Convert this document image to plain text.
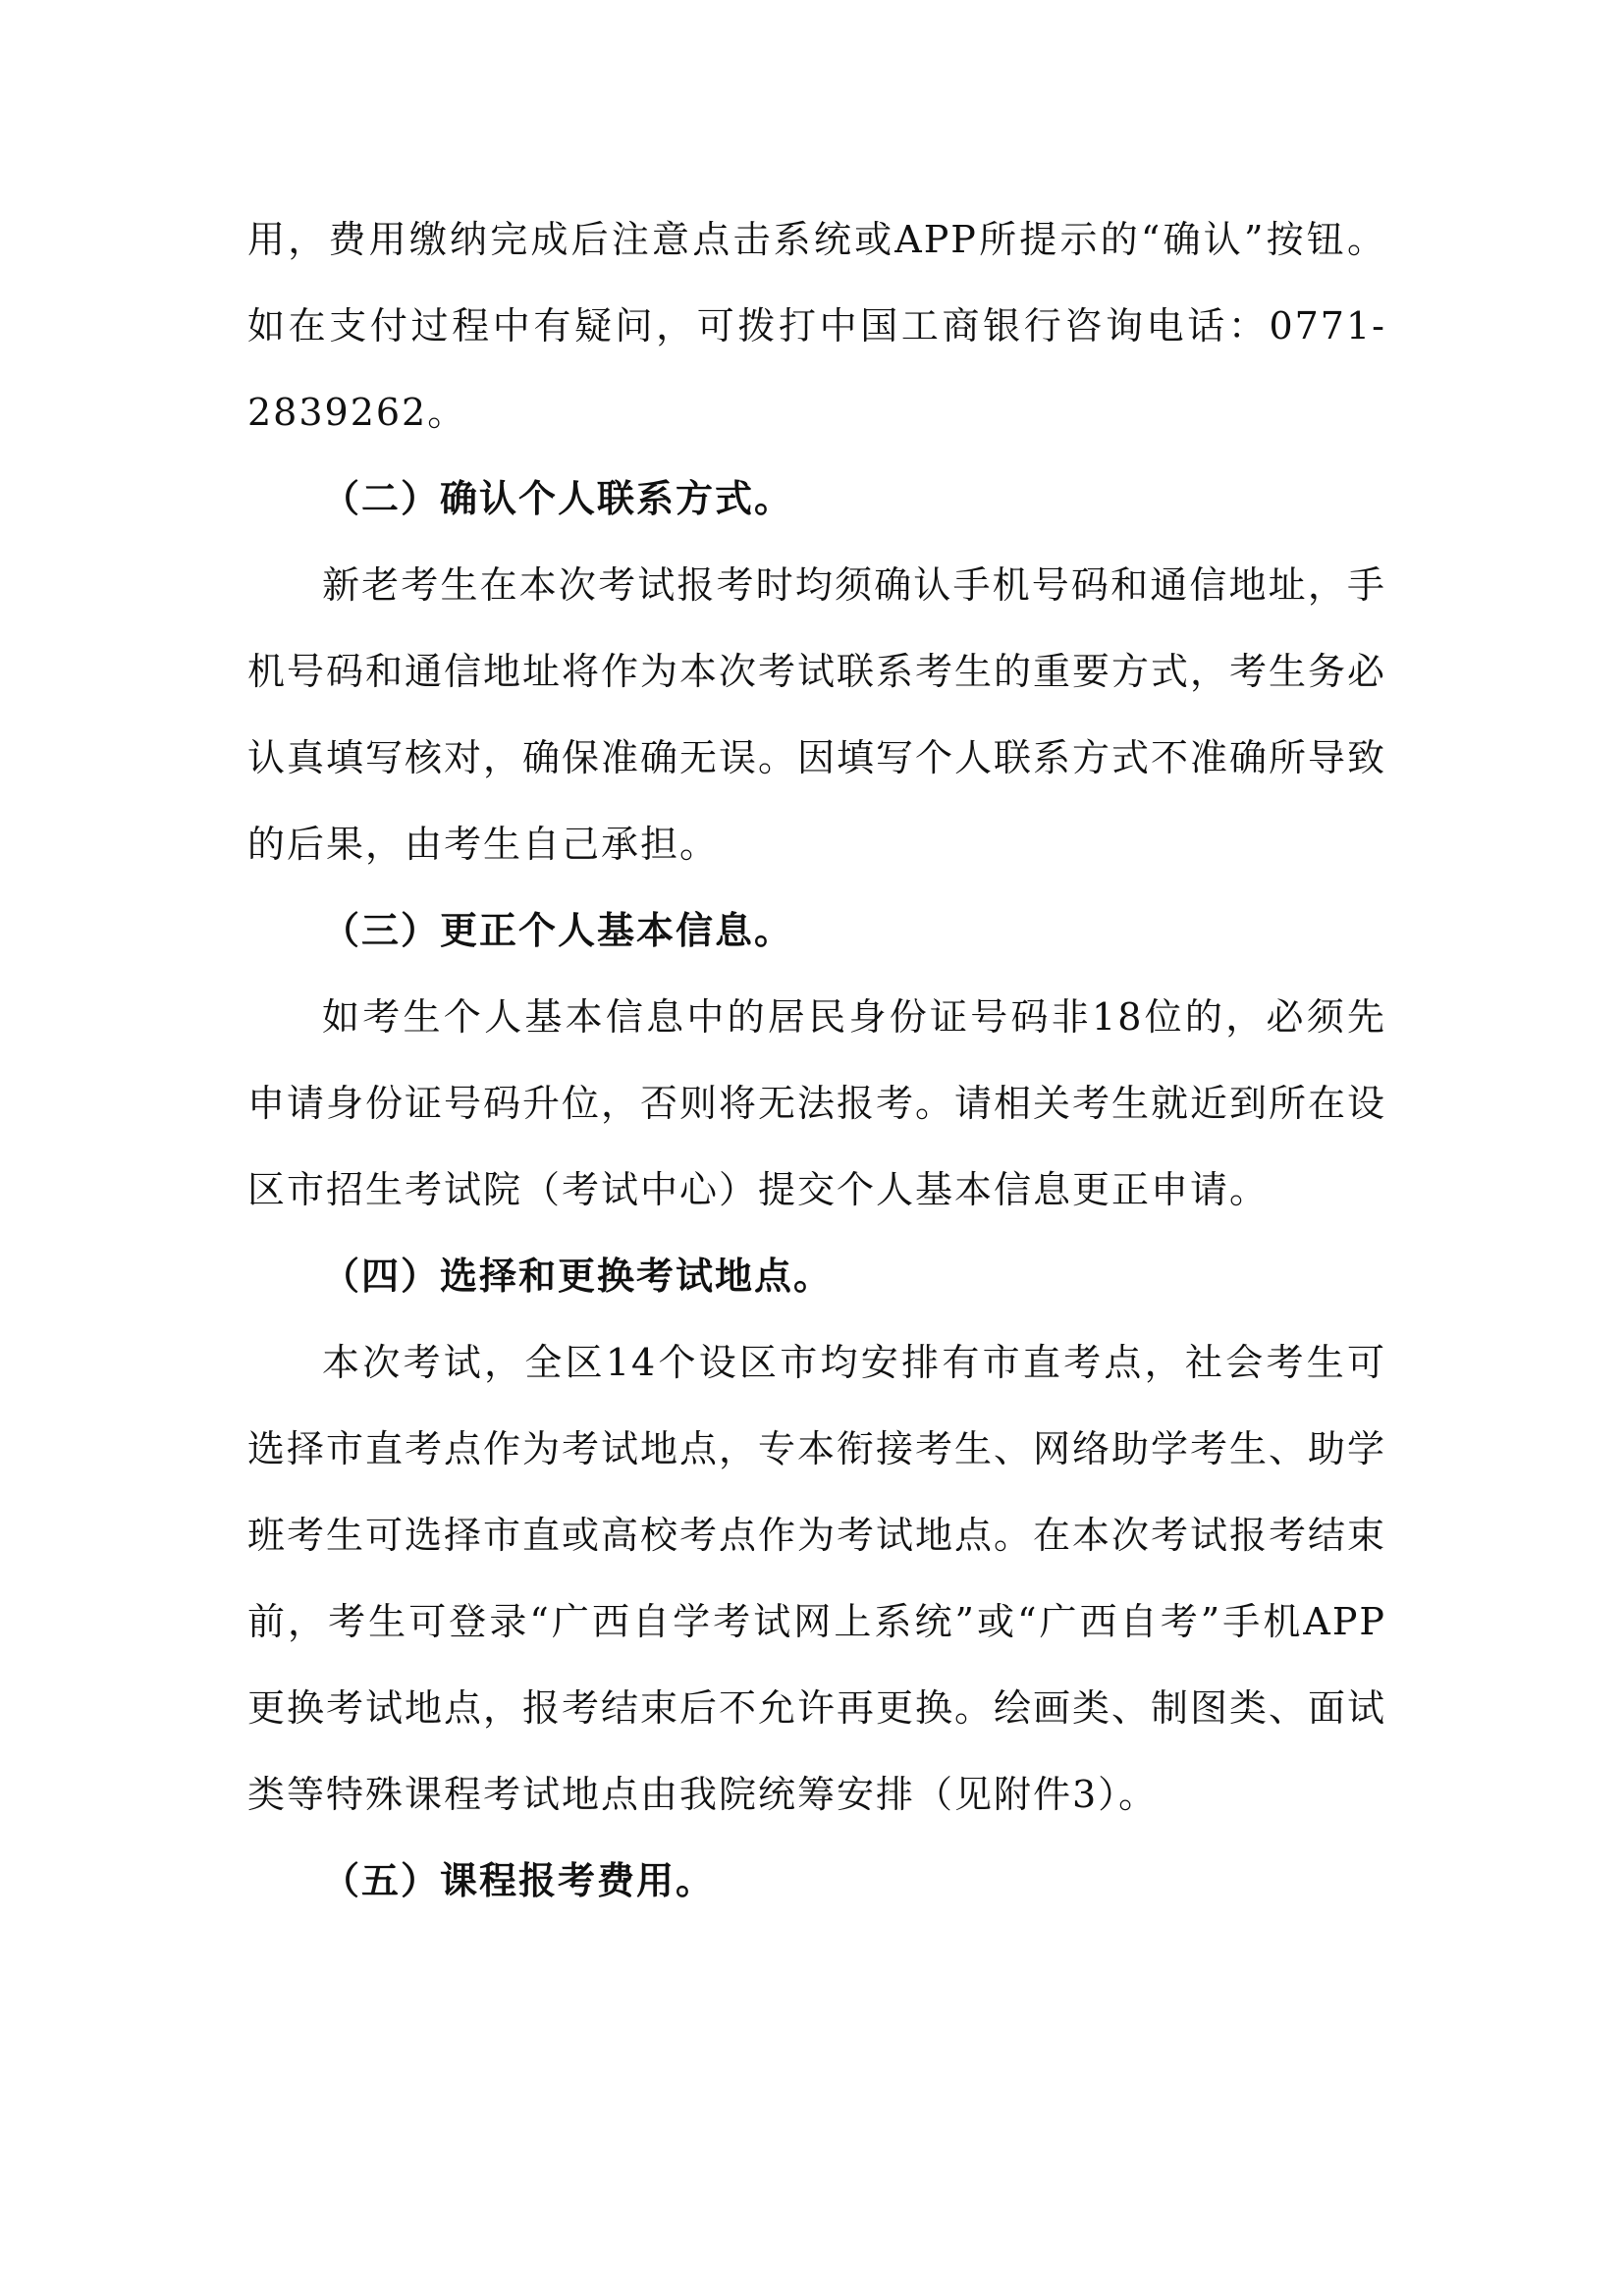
用，费用缴纳完成后注意点击系统或APP所提示的“确认”按钮。如在支付过程中有疑问，可拨打中国工商银行咨询电话：0771-2839262。

（二）确认个人联系方式。

新老考生在本次考试报考时均须确认手机号码和通信地址，手机号码和通信地址将作为本次考试联系考生的重要方式，考生务必认真填写核对，确保准确无误。因填写个人联系方式不准确所导致的后果，由考生自己承担。

（三）更正个人基本信息。

如考生个人基本信息中的居民身份证号码非18位的，必须先申请身份证号码升位，否则将无法报考。请相关考生就近到所在设区市招生考试院（考试中心）提交个人基本信息更正申请。

（四）选择和更换考试地点。

本次考试，全区14个设区市均安排有市直考点，社会考生可选择市直考点作为考试地点，专本衔接考生、网络助学考生、助学班考生可选择市直或高校考点作为考试地点。在本次考试报考结束前，考生可登录“广西自学考试网上系统”或“广西自考”手机APP更换考试地点，报考结束后不允许再更换。绘画类、制图类、面试类等特殊课程考试地点由我院统筹安排（见附件3）。

（五）课程报考费用。
